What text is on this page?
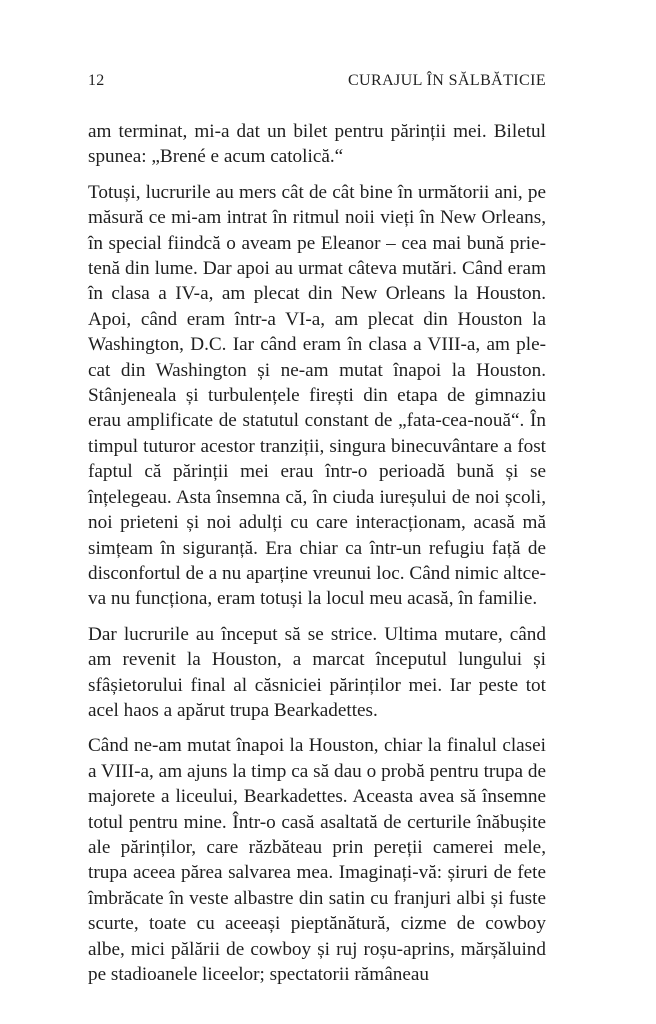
12	CURAJUL ÎN SĂLBĂTICIE

am terminat, mi-a dat un bilet pentru părinții mei. Biletul spunea: „Brené e acum catolică.“

Totuși, lucrurile au mers cât de cât bine în următorii ani, pe măsură ce mi-am intrat în ritmul noii vieți în New Orleans, în special fiindcă o aveam pe Eleanor – cea mai bună prietenă din lume. Dar apoi au urmat câteva mutări. Când eram în clasa a IV-a, am plecat din New Orleans la Houston. Apoi, când eram într-a VI-a, am plecat din Houston la Washington, D.C. Iar când eram în clasa a VIII-a, am plecat din Washington și ne-am mutat înapoi la Houston. Stânjeneala și turbulențele firești din etapa de gimnaziu erau amplificate de statutul constant de „fata-cea-nouă“. În timpul tuturor acestor tranziții, singura binecuvântare a fost faptul că părinții mei erau într-o perioadă bună și se înțelegeau. Asta însemna că, în ciuda iureșului de noi școli, noi prieteni și noi adulți cu care interacționam, acasă mă simțeam în siguranță. Era chiar ca într-un refugiu față de disconfortul de a nu aparține vreunui loc. Când nimic altceva nu funcționa, eram totuși la locul meu acasă, în familie.

Dar lucrurile au început să se strice. Ultima mutare, când am revenit la Houston, a marcat începutul lungului și sfâșietorului final al căsniciei părinților mei. Iar peste tot acel haos a apărut trupa Bearkadettes.

Când ne-am mutat înapoi la Houston, chiar la finalul clasei a VIII-a, am ajuns la timp ca să dau o probă pentru trupa de majorete a liceului, Bearkadettes. Aceasta avea să însemne totul pentru mine. Într-o casă asaltată de certurile înăbușite ale părinților, care răzbăteau prin pereții camerei mele, trupa aceea părea salvarea mea. Imaginați-vă: șiruri de fete îmbrăcate în veste albastre din satin cu franjuri albi și fuste scurte, toate cu aceeași pieptănătură, cizme de cowboy albe, mici pălării de cowboy și ruj roșu-aprins, mărșăluind pe stadioanele liceelor; spectatorii rămâneau
